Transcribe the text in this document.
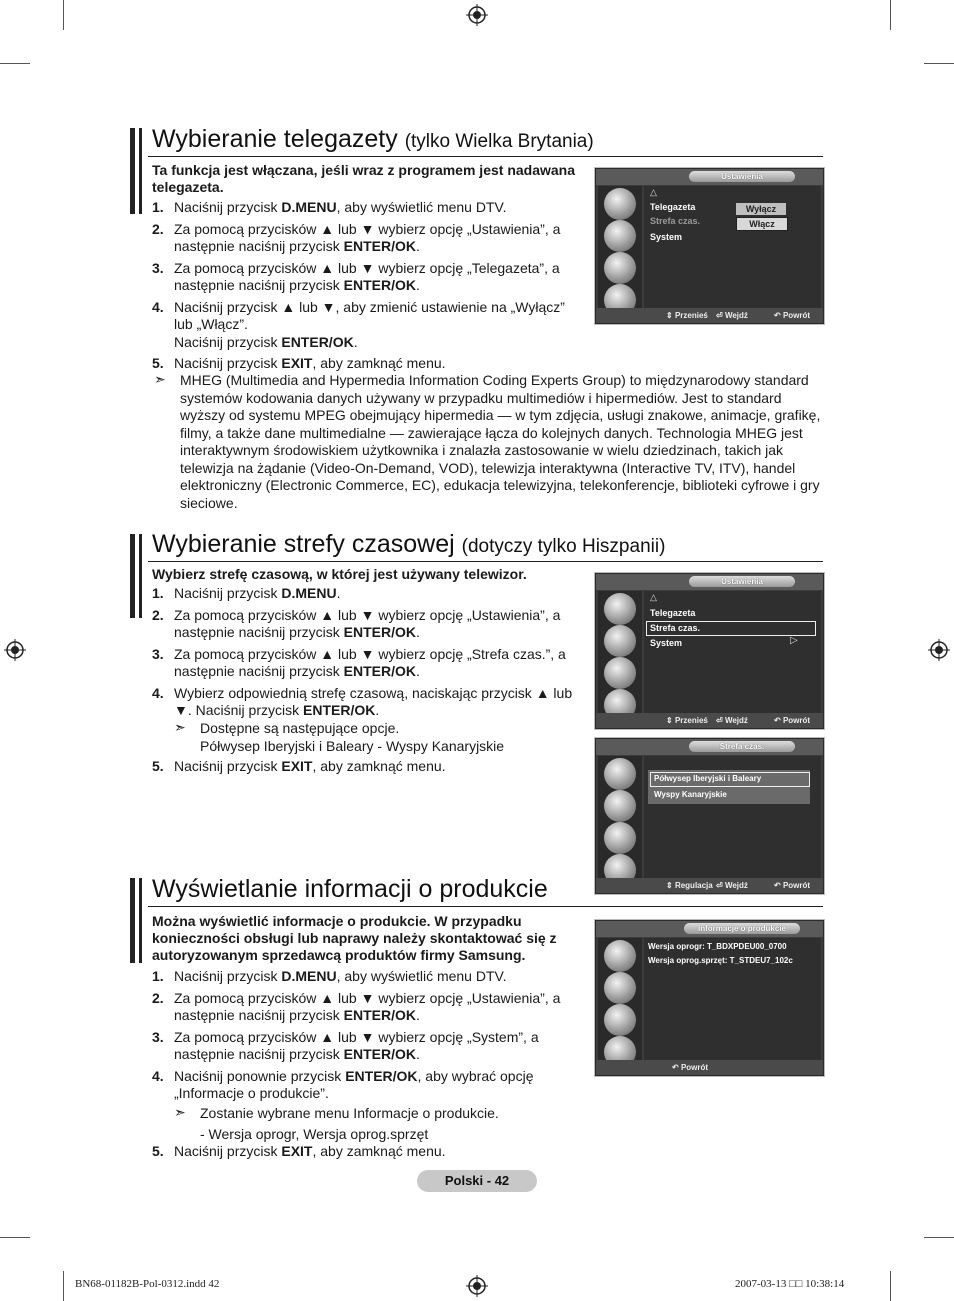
Wybieranie telegazety (tylko Wielka Brytania)
Ta funkcja jest włączana, jeśli wraz z programem jest nadawana telegazeta.
1. Naciśnij przycisk D.MENU, aby wyświetlić menu DTV.
2. Za pomocą przycisków ▲ lub ▼ wybierz opcję „Ustawienia”, a następnie naciśnij przycisk ENTER/OK.
3. Za pomocą przycisków ▲ lub ▼ wybierz opcję „Telegazeta”, a następnie naciśnij przycisk ENTER/OK.
4. Naciśnij przycisk ▲ lub ▼, aby zmienić ustawienie na „Wyłącz” lub „Włącz”.
Naciśnij przycisk ENTER/OK.
5. Naciśnij przycisk EXIT, aby zamknąć menu.
➣ MHEG (Multimedia and Hypermedia Information Coding Experts Group) to międzynarodowy standard systemów kodowania danych używany w przypadku multimediów i hipermediów. Jest to standard wyższy od systemu MPEG obejmujący hipermedia — w tym zdjęcia, usługi znakowe, animacje, grafikę, filmy, a także dane multimedialne — zawierające łącza do kolejnych danych. Technologia MHEG jest interaktywnym środowiskiem użytkownika i znalazła zastosowanie w wielu dziedzinach, takich jak telewizja na żądanie (Video-On-Demand, VOD), telewizja interaktywna (Interactive TV, ITV), handel elektroniczny (Electronic Commerce, EC), edukacja telewizyjna, telekonferencje, biblioteki cyfrowe i gry sieciowe.
Ustawienia
△
Telegazeta
Strefa czas.
System
Wyłącz
Włącz
⇕ Przenieś ⏎ Wejdź	↶ Powrót
Wybieranie strefy czasowej (dotyczy tylko Hiszpanii)
Wybierz strefę czasową, w której jest używany telewizor.
1. Naciśnij przycisk D.MENU.
2. Za pomocą przycisków ▲ lub ▼ wybierz opcję „Ustawienia”, a następnie naciśnij przycisk ENTER/OK.
3. Za pomocą przycisków ▲ lub ▼ wybierz opcję „Strefa czas.”, a następnie naciśnij przycisk ENTER/OK.
4. Wybierz odpowiednią strefę czasową, naciskając przycisk ▲ lub ▼. Naciśnij przycisk ENTER/OK.
➣ Dostępne są następujące opcje.
Półwysep Iberyjski i Baleary - Wyspy Kanaryjskie
5. Naciśnij przycisk EXIT, aby zamknąć menu.
Ustawienia
△
Telegazeta
Strefa czas.
System	▷
⇕ Przenieś ⏎ Wejdź	↶ Powrót
Strefa czas.
Półwysep Iberyjski i Baleary
Wyspy Kanaryjskie
⇕ Regulacja ⏎ Wejdź	↶ Powrót
Wyświetlanie informacji o produkcie
Można wyświetlić informacje o produkcie. W przypadku konieczności obsługi lub naprawy należy skontaktować się z autoryzowanym sprzedawcą produktów firmy Samsung.
1. Naciśnij przycisk D.MENU, aby wyświetlić menu DTV.
2. Za pomocą przycisków ▲ lub ▼ wybierz opcję „Ustawienia”, a następnie naciśnij przycisk ENTER/OK.
3. Za pomocą przycisków ▲ lub ▼ wybierz opcję „System”, a następnie naciśnij przycisk ENTER/OK.
4. Naciśnij ponownie przycisk ENTER/OK, aby wybrać opcję „Informacje o produkcie”.
➣ Zostanie wybrane menu Informacje o produkcie.
- Wersja oprogr, Wersja oprog.sprzęt
5. Naciśnij przycisk EXIT, aby zamknąć menu.
Informacje o produkcie
Wersja oprogr: T_BDXPDEU00_0700
Wersja oprog.sprzęt: T_STDEU7_102c
↶ Powrót
Polski - 42
BN68-01182B-Pol-0312.indd 42	2007-03-13 □□ 10:38:14
